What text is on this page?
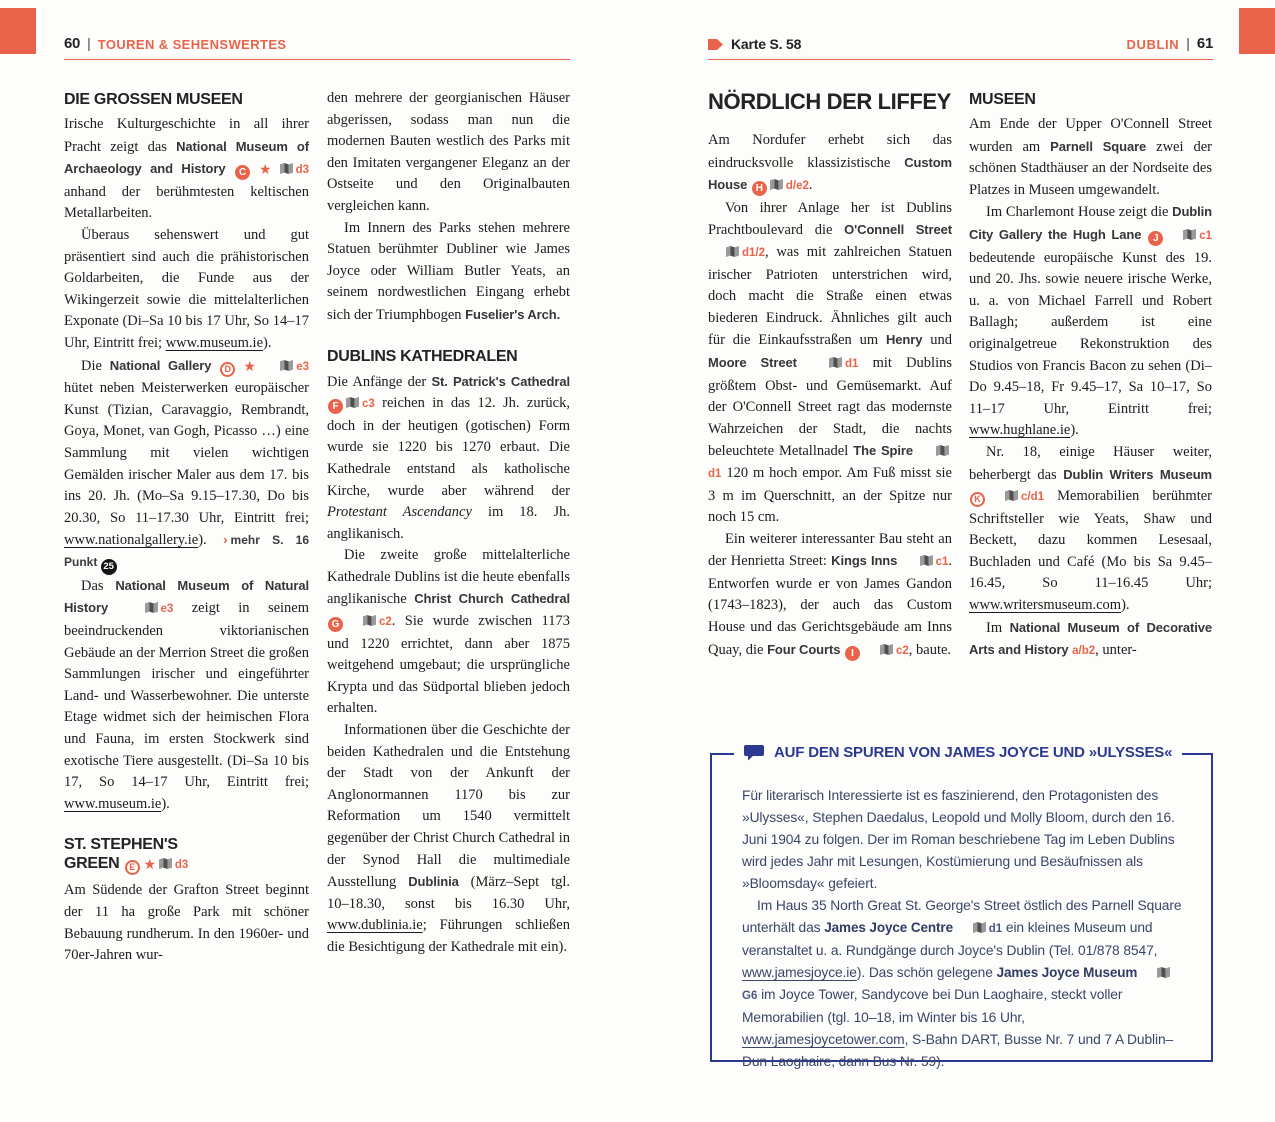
60 | TOUREN & SEHENSWERTES	Karte S. 58	DUBLIN | 61
DIE GROSSEN MUSEEN

Irische Kulturgeschichte in all ihrer Pracht zeigt das National Museum of Archaeology and History C ★ d3 anhand der berühmtesten keltischen Metallarbeiten.

Überaus sehenswert und gut präsentiert sind auch die prähistorischen Goldarbeiten, die Funde aus der Wikingerzeit sowie die mittelalterlichen Exponate (Di–Sa 10 bis 17 Uhr, So 14–17 Uhr, Eintritt frei; www.museum.ie).

Die National Gallery D ★	e3 hütet neben Meisterwerken europäischer Kunst (Tizian, Caravaggio, Rembrandt, Goya, Monet, van Gogh, Picasso …) eine Sammlung mit vielen wichtigen Gemälden irischer Maler aus dem 17. bis ins 20. Jh. (Mo–Sa 9.15–17.30, Do bis 20.30, So 11–17.30 Uhr, Eintritt frei; www.nationalgallery.ie). › mehr S. 16 Punkt 25

Das National Museum of Natural History	e3 zeigt in seinem beeindruckenden viktorianischen Gebäude an der Merrion Street die großen Sammlungen irischer und eingeführter Land- und Wasserbewohner. Die unterste Etage widmet sich der heimischen Flora und Fauna, im ersten Stockwerk sind exotische Tiere ausgestellt. (Di–Sa 10 bis 17, So 14–17 Uhr, Eintritt frei; www.museum.ie).

ST. STEPHEN'S
GREEN E ★ d3

Am Südende der Grafton Street beginnt der 11 ha große Park mit schöner Bebauung rundherum. In den 1960er- und 70er-Jahren wur-

den mehrere der georgianischen Häuser abgerissen, sodass man nun die modernen Bauten westlich des Parks mit den Imitaten vergangener Eleganz an der Ostseite und den Originalbauten vergleichen kann.

Im Innern des Parks stehen mehrere Statuen berühmter Dubliner wie James Joyce oder William Butler Yeats, an seinem nordwestlichen Eingang erhebt sich der Triumphbogen Fuselier's Arch.

DUBLINS KATHEDRALEN

Die Anfänge der St. Patrick's Cathedral F c3 reichen in das 12. Jh. zurück, doch in der heutigen (gotischen) Form wurde sie 1220 bis 1270 erbaut. Die Kathedrale entstand als katholische Kirche, wurde aber während der Protestant Ascendancy im 18. Jh. anglikanisch.

Die zweite große mittelalterliche Kathedrale Dublins ist die heute ebenfalls anglikanische Christ Church Cathedral G	c2. Sie wurde zwischen 1173 und 1220 errichtet, dann aber 1875 weitgehend umgebaut; die ursprüngliche Krypta und das Südportal blieben jedoch erhalten.

Informationen über die Geschichte der beiden Kathedralen und die Entstehung der Stadt von der Ankunft der Anglonormannen 1170 bis zur Reformation um 1540 vermittelt gegenüber der Christ Church Cathedral in der Synod Hall die multimediale Ausstellung Dublinia (März–Sept tgl. 10–18.30, sonst bis 16.30 Uhr, www.dublinia.ie; Führungen schließen die Besichtigung der Kathedrale mit ein).

NÖRDLICH DER LIFFEY

Am Nordufer erhebt sich das eindrucksvolle klassizistische Custom House H d/e2.

Von ihrer Anlage her ist Dublins Prachtboulevard die O'Connell Street d1/2, was mit zahlreichen Statuen irischer Patrioten unterstrichen wird, doch macht die Straße einen etwas biederen Eindruck. Ähnliches gilt auch für die Einkaufsstraßen um Henry und Moore Street	d1 mit Dublins größtem Obst- und Gemüsemarkt. Auf der O'Connell Street ragt das modernste Wahrzeichen der Stadt, die nachts beleuchtete Metallnadel The Spire d1 120 m hoch empor. Am Fuß misst sie 3 m im Querschnitt, an der Spitze nur noch 15 cm.

Ein weiterer interessanter Bau steht an der Henrietta Street: Kings Inns	c1. Entworfen wurde er von James Gandon (1743–1823), der auch das Custom House und das Gerichtsgebäude am Inns Quay, die Four Courts I	c2, baute.

MUSEEN

Am Ende der Upper O'Connell Street wurden am Parnell Square zwei der schönen Stadthäuser an der Nordseite des Platzes in Museen umgewandelt.

Im Charlemont House zeigt die Dublin City Gallery the Hugh Lane J	c1 bedeutende europäische Kunst des 19. und 20. Jhs. sowie neuere irische Werke, u. a. von Michael Farrell und Robert Ballagh; außerdem ist eine originalgetreue Rekonstruktion des Studios von Francis Bacon zu sehen (Di–Do 9.45–18, Fr 9.45–17, Sa 10–17, So 11–17 Uhr, Eintritt frei; www.hughlane.ie).

Nr. 18, einige Häuser weiter, beherbergt das Dublin Writers Museum K	c/d1 Memorabilien berühmter Schriftsteller wie Yeats, Shaw und Beckett, dazu kommen Lesesaal, Buchladen und Café (Mo bis Sa 9.45–16.45, So 11–16.45 Uhr; www.writersmuseum.com).

Im National Museum of Decorative Arts and History a/b2, unter-

AUF DEN SPUREN VON JAMES JOYCE UND »ULYSSES«

Für literarisch Interessierte ist es faszinierend, den Protagonisten des »Ulysses«, Stephen Daedalus, Leopold und Molly Bloom, durch den 16. Juni 1904 zu folgen. Der im Roman beschriebene Tag im Leben Dublins wird jedes Jahr mit Lesungen, Kostümierung und Besäufnissen als »Bloomsday« gefeiert.

Im Haus 35 North Great St. George's Street östlich des Parnell Square unterhält das James Joyce Centre	d1 ein kleines Museum und veranstaltet u. a. Rundgänge durch Joyce's Dublin (Tel. 01/878 8547, www.jamesjoyce.ie). Das schön gelegene James Joyce Museum G6 im Joyce Tower, Sandycove bei Dun Laoghaire, steckt voller Memorabilien (tgl. 10–18, im Winter bis 16 Uhr, www.jamesjoycetower.com, S-Bahn DART, Busse Nr. 7 und 7 A Dublin–Dun Laoghaire, dann Bus Nr. 59).
